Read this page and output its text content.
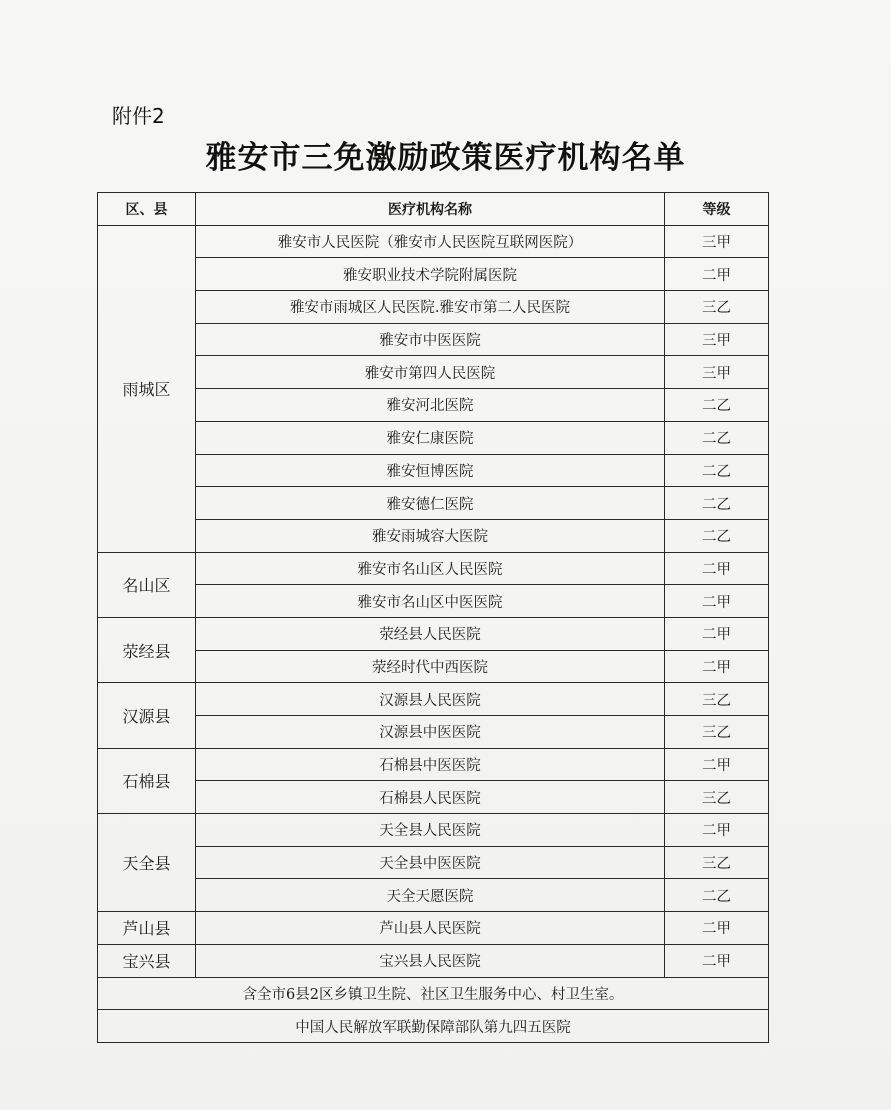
附件2
雅安市三免激励政策医疗机构名单
区、县	医疗机构名称	等级
雨城区	雅安市人民医院（雅安市人民医院互联网医院）	三甲
	雅安职业技术学院附属医院	二甲
	雅安市雨城区人民医院.雅安市第二人民医院	三乙
	雅安市中医医院	三甲
	雅安市第四人民医院	三甲
	雅安河北医院	二乙
	雅安仁康医院	二乙
	雅安恒博医院	二乙
	雅安德仁医院	二乙
	雅安雨城容大医院	二乙
名山区	雅安市名山区人民医院	二甲
	雅安市名山区中医医院	二甲
荥经县	荥经县人民医院	二甲
	荥经时代中西医院	二甲
汉源县	汉源县人民医院	三乙
	汉源县中医医院	三乙
石棉县	石棉县中医医院	二甲
	石棉县人民医院	三乙
天全县	天全县人民医院	二甲
	天全县中医医院	三乙
	天全天愿医院	二乙
芦山县	芦山县人民医院	二甲
宝兴县	宝兴县人民医院	二甲
含全市6县2区乡镇卫生院、社区卫生服务中心、村卫生室。		
中国人民解放军联勤保障部队第九四五医院		
